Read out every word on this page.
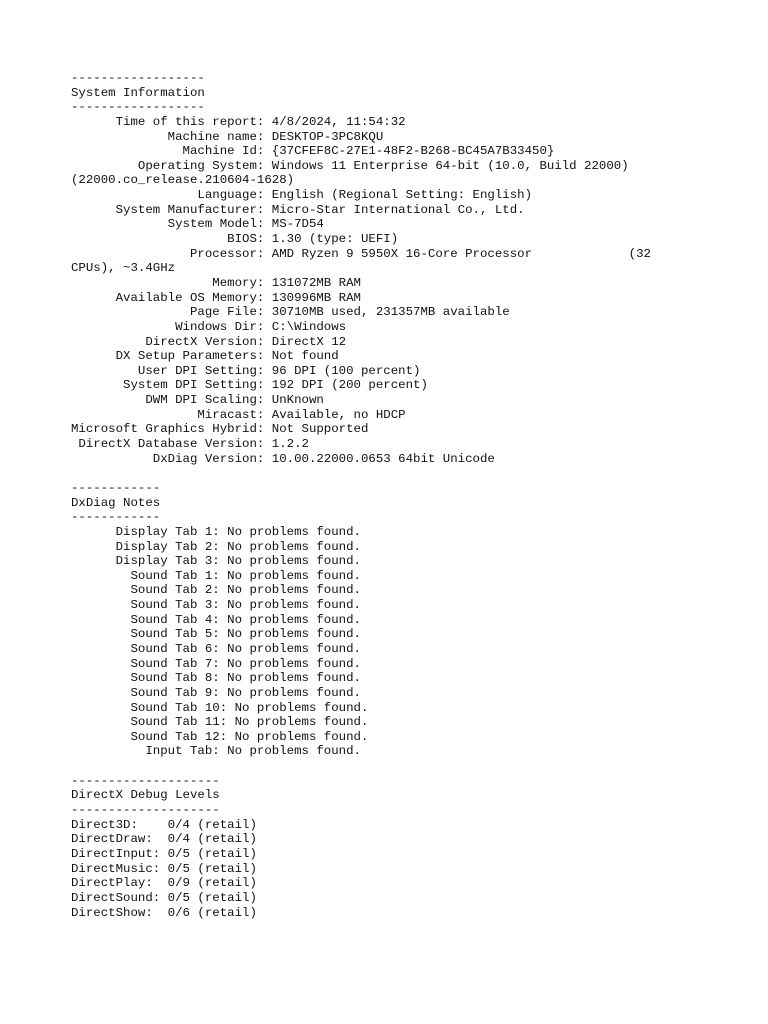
------------------
System Information
------------------
Time of this report: 4/8/2024, 11:54:32
Machine name: DESKTOP-3PC8KQU
Machine Id: {37CFEF8C-27E1-48F2-B268-BC45A7B33450}
Operating System: Windows 11 Enterprise 64-bit (10.0, Build 22000)
(22000.co_release.210604-1628)
Language: English (Regional Setting: English)
System Manufacturer: Micro-Star International Co., Ltd.
System Model: MS-7D54
BIOS: 1.30 (type: UEFI)
Processor: AMD Ryzen 9 5950X 16-Core Processor             (32
CPUs), ~3.4GHz
Memory: 131072MB RAM
Available OS Memory: 130996MB RAM
Page File: 30710MB used, 231357MB available
Windows Dir: C:\Windows
DirectX Version: DirectX 12
DX Setup Parameters: Not found
User DPI Setting: 96 DPI (100 percent)
System DPI Setting: 192 DPI (200 percent)
DWM DPI Scaling: UnKnown
Miracast: Available, no HDCP
Microsoft Graphics Hybrid: Not Supported
DirectX Database Version: 1.2.2
DxDiag Version: 10.00.22000.0653 64bit Unicode
------------
DxDiag Notes
------------
Display Tab 1: No problems found.
Display Tab 2: No problems found.
Display Tab 3: No problems found.
Sound Tab 1: No problems found.
Sound Tab 2: No problems found.
Sound Tab 3: No problems found.
Sound Tab 4: No problems found.
Sound Tab 5: No problems found.
Sound Tab 6: No problems found.
Sound Tab 7: No problems found.
Sound Tab 8: No problems found.
Sound Tab 9: No problems found.
Sound Tab 10: No problems found.
Sound Tab 11: No problems found.
Sound Tab 12: No problems found.
Input Tab: No problems found.
--------------------
DirectX Debug Levels
--------------------
Direct3D:    0/4 (retail)
DirectDraw:  0/4 (retail)
DirectInput: 0/5 (retail)
DirectMusic: 0/5 (retail)
DirectPlay:  0/9 (retail)
DirectSound: 0/5 (retail)
DirectShow:  0/6 (retail)
